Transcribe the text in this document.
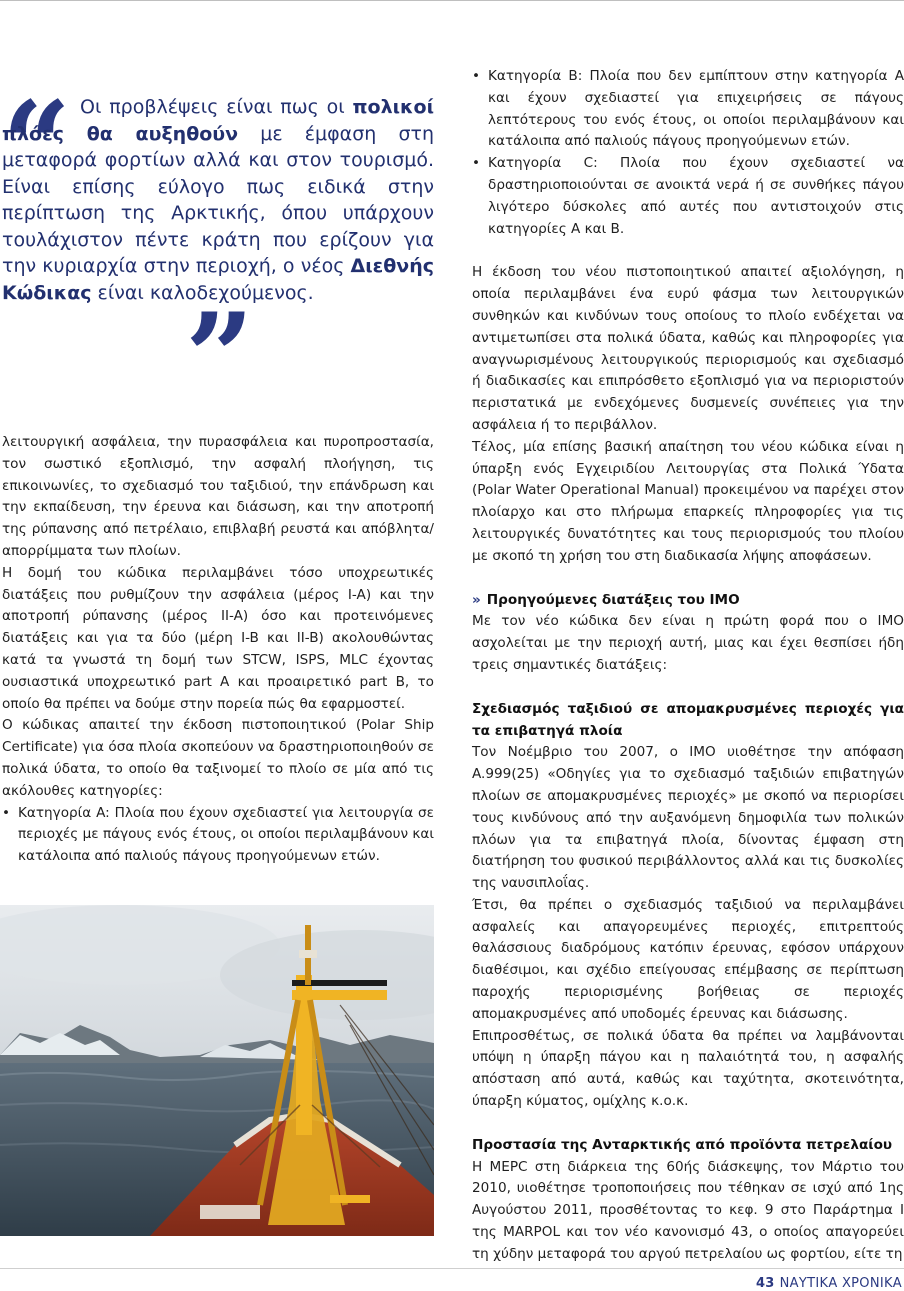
“ Οι προβλέψεις είναι πως οι πολικοί πλόες θα αυξηθούν με έμφαση στη μεταφορά φορτίων αλλά και στον τουρισμό. Είναι επίσης εύλογο πως ειδικά στην περίπτωση της Αρκτικής, όπου υπάρχουν τουλάχιστον πέντε κράτη που ερίζουν για την κυριαρχία στην περιοχή, ο νέος Διεθνής Κώδικας είναι καλοδεχούμενος.
”

λειτουργική ασφάλεια, την πυρασφάλεια και πυροπροστασία, τον σωστικό εξοπλισμό, την ασφαλή πλοήγηση, τις επικοινωνίες, το σχεδιασμό του ταξιδιού, την επάνδρωση και την εκπαίδευση, την έρευνα και διάσωση, και την αποτροπή της ρύπανσης από πετρέλαιο, επιβλαβή ρευστά και απόβλητα/απορρίμματα των πλοίων.

Η δομή του κώδικα περιλαμβάνει τόσο υποχρεωτικές διατάξεις που ρυθμίζουν την ασφάλεια (μέρος I-A) και την αποτροπή ρύπανσης (μέρος II-A) όσο και προτεινόμενες διατάξεις και για τα δύο (μέρη I-B και II-B) ακολουθώντας κατά τα γνωστά τη δομή των STCW, ISPS, MLC έχοντας ουσιαστικά υποχρεωτικό part A και προαιρετικό part B, το οποίο θα πρέπει να δούμε στην πορεία πώς θα εφαρμοστεί.

Ο κώδικας απαιτεί την έκδοση πιστοποιητικού (Polar Ship Certificate) για όσα πλοία σκοπεύουν να δραστηριοποιηθούν σε πολικά ύδατα, το οποίο θα ταξινομεί το πλοίο σε μία από τις ακόλουθες κατηγορίες:

• Κατηγορία A: Πλοία που έχουν σχεδιαστεί για λειτουργία σε περιοχές με πάγους ενός έτους, οι οποίοι περιλαμβάνουν και κατάλοιπα από παλιούς πάγους προηγούμενων ετών.
• Κατηγορία B: Πλοία που δεν εμπίπτουν στην κατηγορία A και έχουν σχεδιαστεί για επιχειρήσεις σε πάγους λεπτότερους του ενός έτους, οι οποίοι περιλαμβάνουν και κατάλοιπα από παλιούς πάγους προηγούμενων ετών.
• Κατηγορία C: Πλοία που έχουν σχεδιαστεί να δραστηριοποιούνται σε ανοικτά νερά ή σε συνθήκες πάγου λιγότερο δύσκολες από αυτές που αντιστοιχούν στις κατηγορίες A και B.

Η έκδοση του νέου πιστοποιητικού απαιτεί αξιολόγηση, η οποία περιλαμβάνει ένα ευρύ φάσμα των λειτουργικών συνθηκών και κινδύνων τους οποίους το πλοίο ενδέχεται να αντιμετωπίσει στα πολικά ύδατα, καθώς και πληροφορίες για αναγνωρισμένους λειτουργικούς περιορισμούς και σχεδιασμό ή διαδικασίες και επιπρόσθετο εξοπλισμό για να περιοριστούν περιστατικά με ενδεχόμενες δυσμενείς συνέπειες για την ασφάλεια ή το περιβάλλον.

Τέλος, μία επίσης βασική απαίτηση του νέου κώδικα είναι η ύπαρξη ενός Εγχειριδίου Λειτουργίας στα Πολικά Ύδατα (Polar Water Operational Manual) προκειμένου να παρέχει στον πλοίαρχο και στο πλήρωμα επαρκείς πληροφορίες για τις λειτουργικές δυνατότητες και τους περιορισμούς του πλοίου με σκοπό τη χρήση του στη διαδικασία λήψης αποφάσεων.

» Προηγούμενες διατάξεις του IMO

Με τον νέο κώδικα δεν είναι η πρώτη φορά που ο IMO ασχολείται με την περιοχή αυτή, μιας και έχει θεσπίσει ήδη τρεις σημαντικές διατάξεις:

Σχεδιασμός ταξιδιού σε απομακρυσμένες περιοχές για τα επιβατηγά πλοία

Τον Νοέμβριο του 2007, ο IMO υιοθέτησε την απόφαση A.999(25) «Οδηγίες για το σχεδιασμό ταξιδιών επιβατηγών πλοίων σε απομακρυσμένες περιοχές» με σκοπό να περιορίσει τους κινδύνους από την αυξανόμενη δημοφιλία των πολικών πλόων για τα επιβατηγά πλοία, δίνοντας έμφαση στη διατήρηση του φυσικού περιβάλλοντος αλλά και τις δυσκολίες της ναυσιπλοΐας.

Έτσι, θα πρέπει ο σχεδιασμός ταξιδιού να περιλαμβάνει ασφαλείς και απαγορευμένες περιοχές, επιτρεπτούς θαλάσσιους διαδρόμους κατόπιν έρευνας, εφόσον υπάρχουν διαθέσιμοι, και σχέδιο επείγουσας επέμβασης σε περίπτωση παροχής περιορισμένης βοήθειας σε περιοχές απομακρυσμένες από υποδομές έρευνας και διάσωσης.

Επιπροσθέτως, σε πολικά ύδατα θα πρέπει να λαμβάνονται υπόψη η ύπαρξη πάγου και η παλαιότητά του, η ασφαλής απόσταση από αυτά, καθώς και ταχύτητα, σκοτεινότητα, ύπαρξη κύματος, ομίχλης κ.ο.κ.

Προστασία της Ανταρκτικής από προϊόντα πετρελαίου

Η MEPC στη διάρκεια της 60ής διάσκεψης, τον Μάρτιο του 2010, υιοθέτησε τροποποιήσεις που τέθηκαν σε ισχύ από 1ης Αυγούστου 2011, προσθέτοντας το κεφ. 9 στο Παράρτημα I της MARPOL και τον νέο κανονισμό 43, ο οποίος απαγορεύει τη χύδην μεταφορά του αργού πετρελαίου ως φορτίου, είτε τη

43 ΝΑΥΤΙΚΑ ΧΡΟΝΙΚΑ
